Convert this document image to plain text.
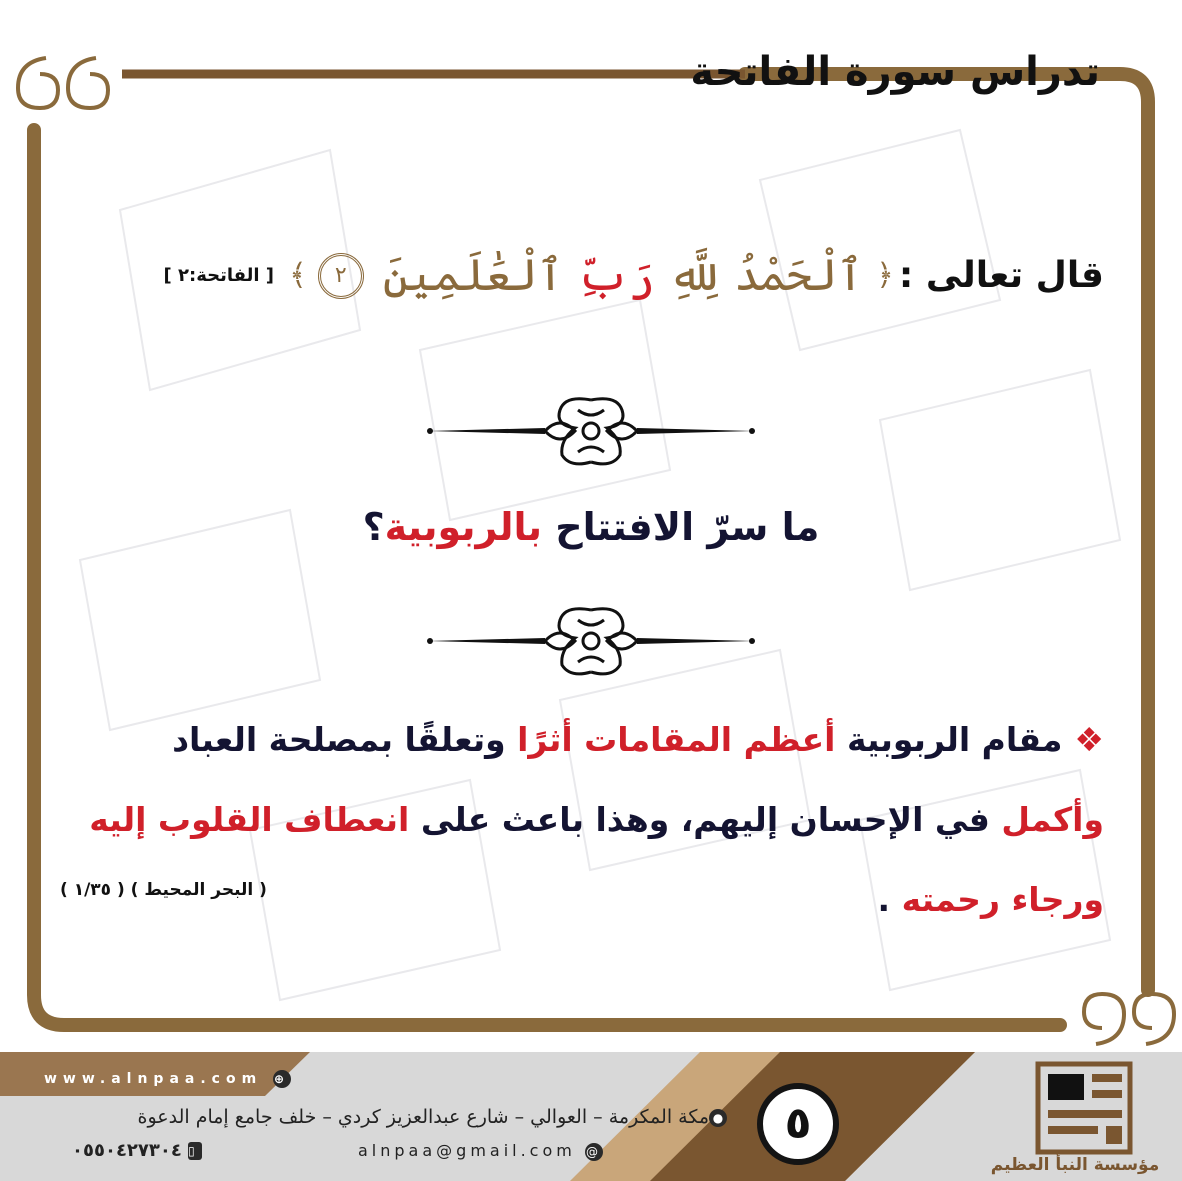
تدراس سورة الفاتحة
قال تعالى : ﴿ ٱلْحَمْدُ لِلَّهِ رَبِّ ٱلْعَٰلَمِينَ ٢ ﴾ [ الفاتحة:٢ ]
ما سرّ الافتتاح بالربوبية؟
❖مقام الربوبية أعظم المقامات أثرًا وتعلقًا بمصلحة العباد وأكمل في الإحسان إليهم، وهذا باعث على انعطاف القلوب إليه ورجاء رحمته .
( البحر المحيط ) ( ١/٣٥ )
www.alnpaa.com ⊕
●مكة المكرمة – العوالي – شارع عبدالعزيز كردي – خلف جامع إمام الدعوة
٠٥٥٠٤٢٧٣٠٤ ▯	alnpaa@gmail.com @
٥
مؤسسة النبأ العظيم
